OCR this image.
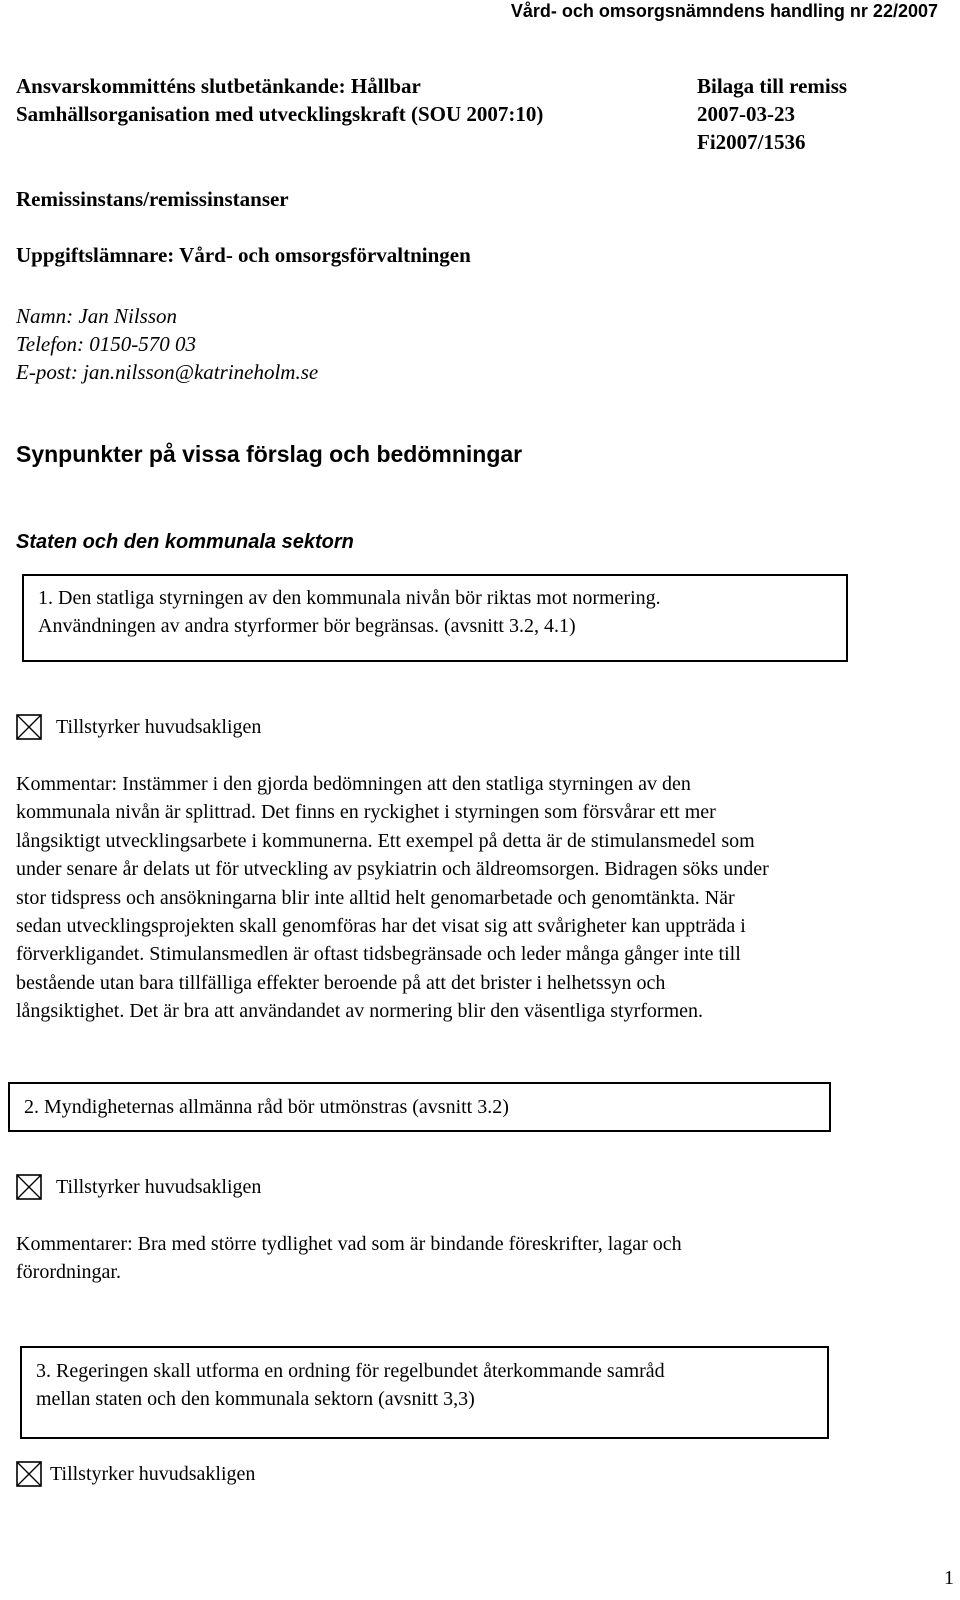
Vård- och omsorgsnämndens handling nr 22/2007
Ansvarskommitténs slutbetänkande: Hållbar
Samhällsorganisation med utvecklingskraft (SOU 2007:10)
Bilaga till remiss
2007-03-23
Fi2007/1536
Remissinstans/remissinstanser
Uppgiftslämnare: Vård- och omsorgsförvaltningen
Namn: Jan Nilsson
Telefon: 0150-570 03
E-post: jan.nilsson@katrineholm.se
Synpunkter på vissa förslag och bedömningar
Staten och den kommunala sektorn
1. Den statliga styrningen av den kommunala nivån bör riktas mot normering.
Användningen av andra styrformer bör begränsas. (avsnitt 3.2, 4.1)
Tillstyrker huvudsakligen
Kommentar: Instämmer i den gjorda bedömningen att den statliga styrningen av den
kommunala nivån är splittrad. Det finns en ryckighet i styrningen som försvårar ett mer
långsiktigt utvecklingsarbete i kommunerna. Ett exempel på detta är de stimulansmedel som
under senare år delats ut för utveckling av psykiatrin och äldreomsorgen. Bidragen söks under
stor tidspress och ansökningarna blir inte alltid helt genomarbetade och genomtänkta. När
sedan utvecklingsprojekten skall genomföras har det visat sig att svårigheter kan uppträda i
förverkligandet. Stimulansmedlen är oftast tidsbegränsade och leder många gånger inte till
bestående utan bara tillfälliga effekter beroende på att det brister i helhetssyn och
långsiktighet. Det är bra att användandet av normering blir den väsentliga styrformen.
2. Myndigheternas allmänna råd bör utmönstras (avsnitt 3.2)
Tillstyrker huvudsakligen
Kommentarer: Bra med större tydlighet vad som är bindande föreskrifter, lagar och
förordningar.
3. Regeringen skall utforma en ordning för regelbundet återkommande samråd
mellan staten och den kommunala sektorn (avsnitt 3,3)
Tillstyrker huvudsakligen
1
